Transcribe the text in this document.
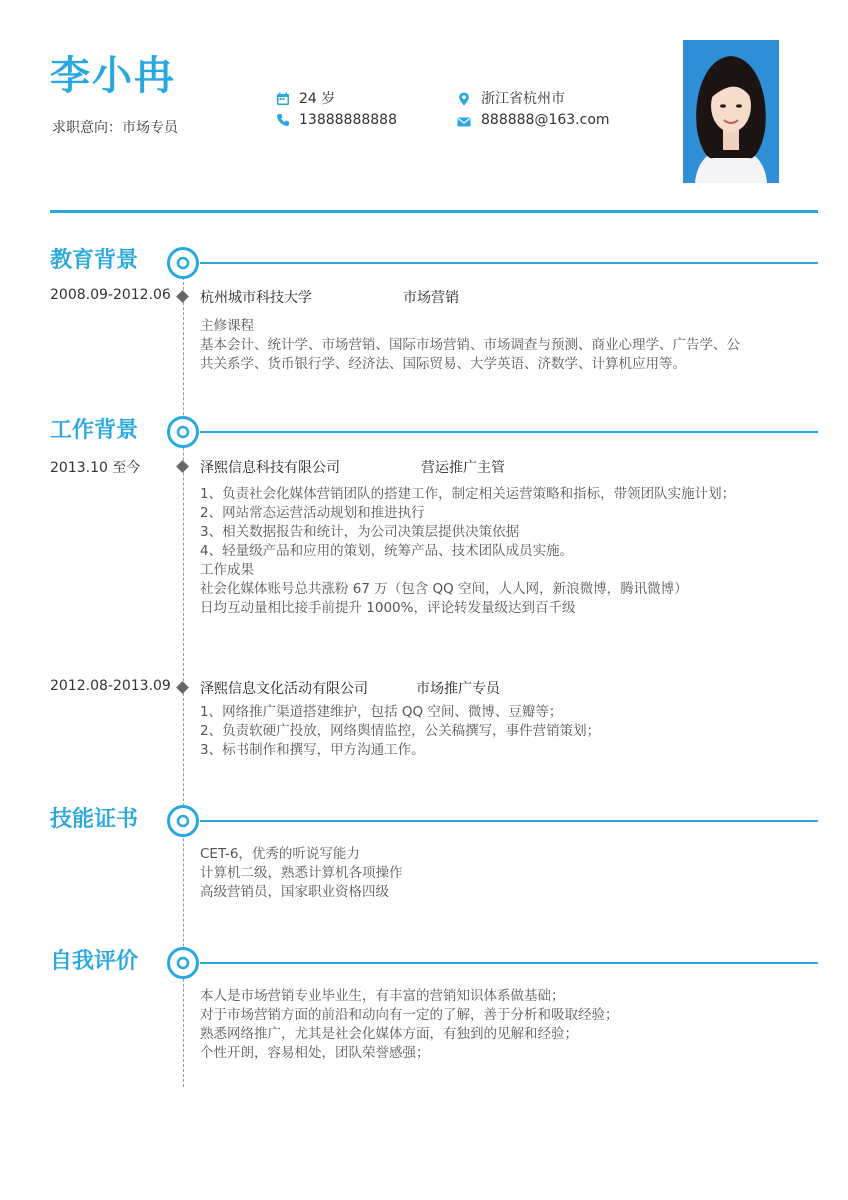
李小冉
求职意向：市场专员
24 岁
13888888888
浙江省杭州市
888888@163.com
教育背景
2008.09-2012.06 杭州城市科技大学	市场营销
主修课程
基本会计、统计学、市场营销、国际市场营销、市场调查与预测、商业心理学、广告学、公
共关系学、货币银行学、经济法、国际贸易、大学英语、济数学、计算机应用等。
工作背景
2013.10 至今	泽熙信息科技有限公司	营运推广主管
1、负责社会化媒体营销团队的搭建工作，制定相关运营策略和指标，带领团队实施计划；
2、网站常态运营活动规划和推进执行
3、相关数据报告和统计，为公司决策层提供决策依据
4、轻量级产品和应用的策划，统筹产品、技术团队成员实施。
工作成果
社会化媒体账号总共涨粉 67 万（包含 QQ 空间，人人网，新浪微博，腾讯微博）
日均互动量相比接手前提升 1000%，评论转发量级达到百千级
2012.08-2013.09 泽熙信息文化活动有限公司	市场推广专员
1、网络推广渠道搭建维护，包括 QQ 空间、微博、豆瓣等；
2、负责软硬广投放，网络舆情监控，公关稿撰写，事件营销策划；
3、标书制作和撰写，甲方沟通工作。
技能证书
CET-6，优秀的听说写能力
计算机二级，熟悉计算机各项操作
高级营销员，国家职业资格四级
自我评价
本人是市场营销专业毕业生，有丰富的营销知识体系做基础；
对于市场营销方面的前沿和动向有一定的了解，善于分析和吸取经验；
熟悉网络推广，尤其是社会化媒体方面，有独到的见解和经验；
个性开朗，容易相处，团队荣誉感强；
